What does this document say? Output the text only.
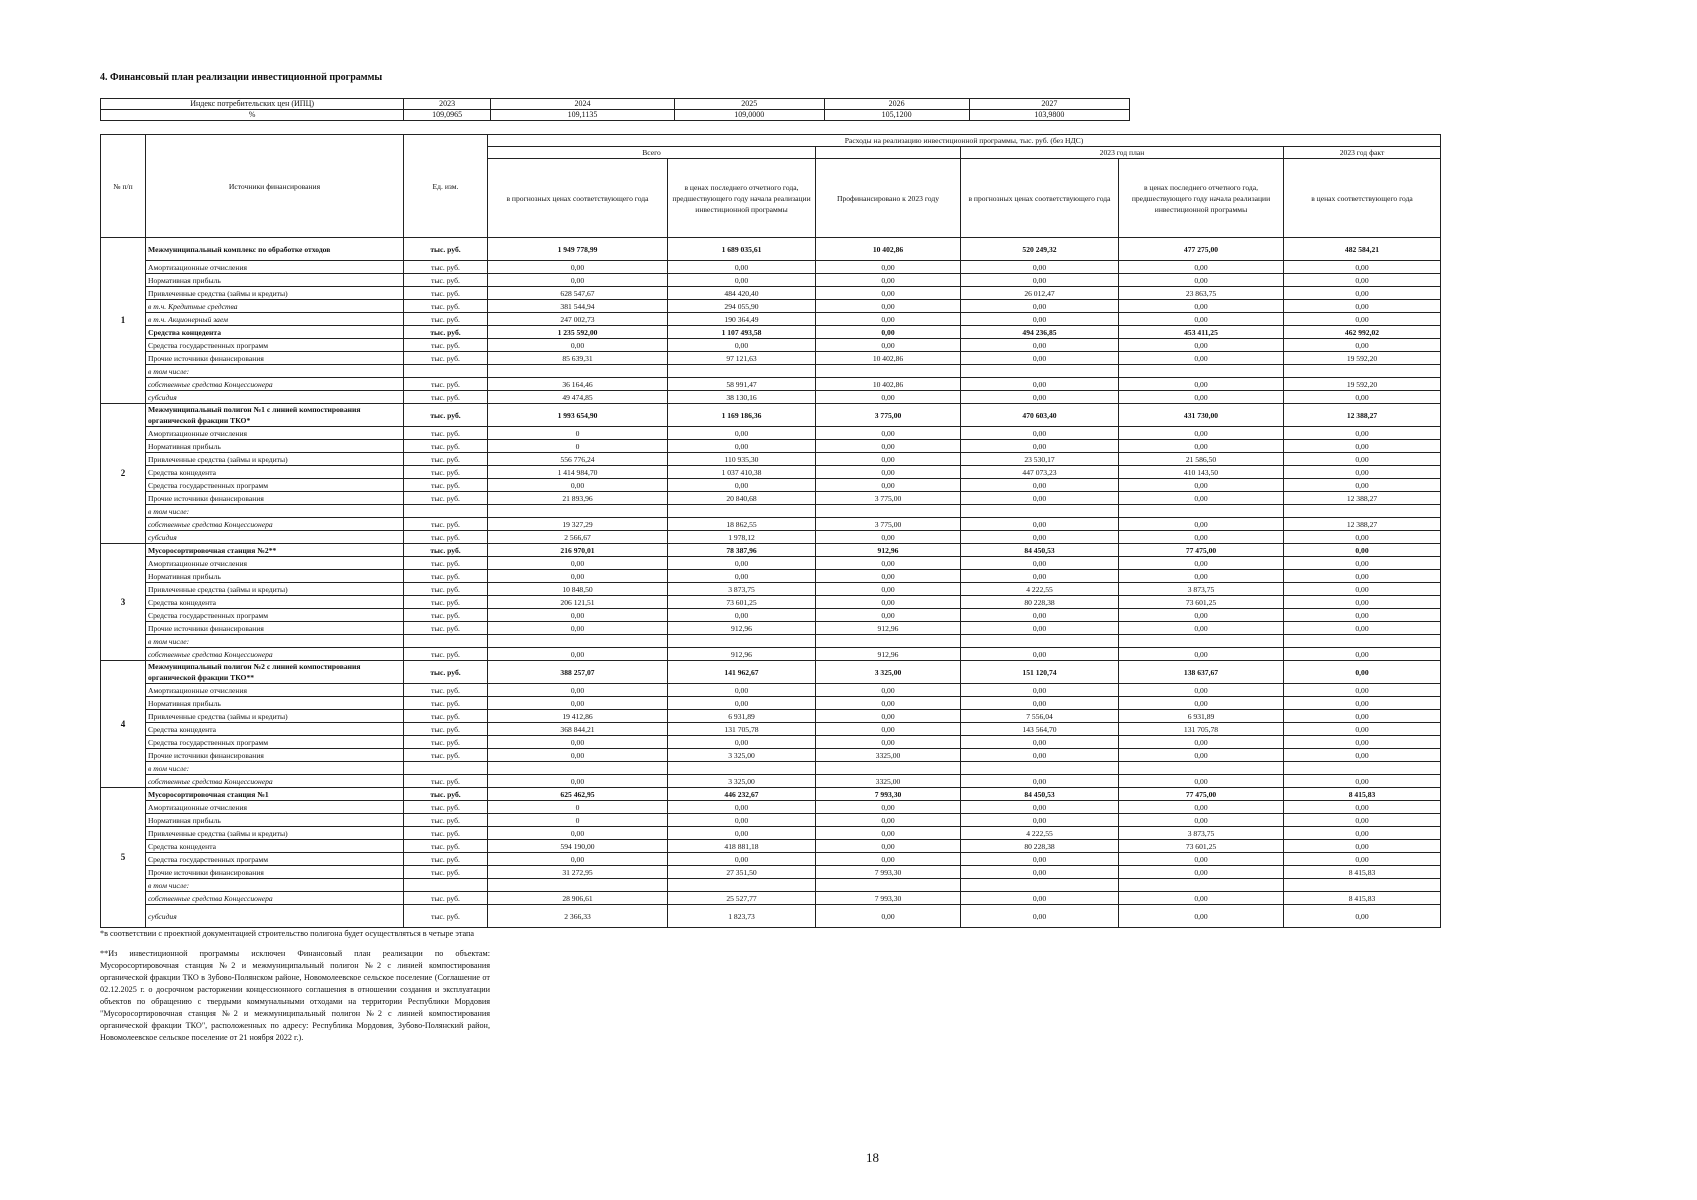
4. Финансовый план реализации инвестиционной программы
Индекс потребительских цен (ИПЦ)	2023	2024	2025	2026	2027
%	109,0965	109,1135	109,0000	105,1200	103,9800
№ п/п	Источники финансирования	Ед. изм.	Расходы на реализацию инвестиционной программы, тыс. руб. (без НДС)					
			Всего			2023 год план		2023 год факт
			в прогнозных ценах соответствующего года	в ценах последнего отчетного года, предшествующего году начала реализации инвестиционной программы	Профинансировано к 2023 году	в прогнозных ценах соответствующего года	в ценах последнего отчетного года, предшествующего году начала реализации инвестиционной программы	в ценах соответствующего года
1	Межмуниципальный комплекс по обработке отходов	тыс. руб.	1 949 778,99	1 689 035,61	10 402,86	520 249,32	477 275,00	482 584,21
	Амортизационные отчисления	тыс. руб.	0,00	0,00	0,00	0,00	0,00	0,00
	Нормативная прибыль	тыс. руб.	0,00	0,00	0,00	0,00	0,00	0,00
	Привлеченные средства (займы и кредиты)	тыс. руб.	628 547,67	484 420,40	0,00	26 012,47	23 863,75	0,00
	в т.ч. Кредитные средства	тыс. руб.	381 544,94	294 055,90	0,00	0,00	0,00	0,00
	в т.ч. Акционерный заем	тыс. руб.	247 002,73	190 364,49	0,00	0,00	0,00	0,00
	Средства концедента	тыс. руб.	1 235 592,00	1 107 493,58	0,00	494 236,85	453 411,25	462 992,02
	Средства государственных программ	тыс. руб.	0,00	0,00	0,00	0,00	0,00	0,00
	Прочие источники финансирования	тыс. руб.	85 639,31	97 121,63	10 402,86	0,00	0,00	19 592,20
	в том числе:							
	собственные средства Концессионера	тыс. руб.	36 164,46	58 991,47	10 402,86	0,00	0,00	19 592,20
	субсидия	тыс. руб.	49 474,85	38 130,16	0,00	0,00	0,00	0,00
2	Межмуниципальный полигон №1 с линией компостирования органической фракции ТКО*	тыс. руб.	1 993 654,90	1 169 186,36	3 775,00	470 603,40	431 730,00	12 388,27
	Амортизационные отчисления	тыс. руб.	0	0,00	0,00	0,00	0,00	0,00
	Нормативная прибыль	тыс. руб.	0	0,00	0,00	0,00	0,00	0,00
	Привлеченные средства (займы и кредиты)	тыс. руб.	556 776,24	110 935,30	0,00	23 530,17	21 586,50	0,00
	Средства концедента	тыс. руб.	1 414 984,70	1 037 410,38	0,00	447 073,23	410 143,50	0,00
	Средства государственных программ	тыс. руб.	0,00	0,00	0,00	0,00	0,00	0,00
	Прочие источники финансирования	тыс. руб.	21 893,96	20 840,68	3 775,00	0,00	0,00	12 388,27
	в том числе:							
	собственные средства Концессионера	тыс. руб.	19 327,29	18 862,55	3 775,00	0,00	0,00	12 388,27
	субсидия	тыс. руб.	2 566,67	1 978,12	0,00	0,00	0,00	0,00
3	Мусоросортировочная станция №2**	тыс. руб.	216 970,01	78 387,96	912,96	84 450,53	77 475,00	0,00
	Амортизационные отчисления	тыс. руб.	0,00	0,00	0,00	0,00	0,00	0,00
	Нормативная прибыль	тыс. руб.	0,00	0,00	0,00	0,00	0,00	0,00
	Привлеченные средства (займы и кредиты)	тыс. руб.	10 848,50	3 873,75	0,00	4 222,55	3 873,75	0,00
	Средства концедента	тыс. руб.	206 121,51	73 601,25	0,00	80 228,38	73 601,25	0,00
	Средства государственных программ	тыс. руб.	0,00	0,00	0,00	0,00	0,00	0,00
	Прочие источники финансирования	тыс. руб.	0,00	912,96	912,96	0,00	0,00	0,00
	в том числе:							
	собственные средства Концессионера	тыс. руб.	0,00	912,96	912,96	0,00	0,00	0,00
4	Межмуниципальный полигон №2 с линией компостирования органической фракции ТКО**	тыс. руб.	388 257,07	141 962,67	3 325,00	151 120,74	138 637,67	0,00
	Амортизационные отчисления	тыс. руб.	0,00	0,00	0,00	0,00	0,00	0,00
	Нормативная прибыль	тыс. руб.	0,00	0,00	0,00	0,00	0,00	0,00
	Привлеченные средства (займы и кредиты)	тыс. руб.	19 412,86	6 931,89	0,00	7 556,04	6 931,89	0,00
	Средства концедента	тыс. руб.	368 844,21	131 705,78	0,00	143 564,70	131 705,78	0,00
	Средства государственных программ	тыс. руб.	0,00	0,00	0,00	0,00	0,00	0,00
	Прочие источники финансирования	тыс. руб.	0,00	3 325,00	3325,00	0,00	0,00	0,00
	в том числе:							
	собственные средства Концессионера	тыс. руб.	0,00	3 325,00	3325,00	0,00	0,00	0,00
5	Мусоросортировочная станция №1	тыс. руб.	625 462,95	446 232,67	7 993,30	84 450,53	77 475,00	8 415,83
	Амортизационные отчисления	тыс. руб.	0	0,00	0,00	0,00	0,00	0,00
	Нормативная прибыль	тыс. руб.	0	0,00	0,00	0,00	0,00	0,00
	Привлеченные средства (займы и кредиты)	тыс. руб.	0,00	0,00	0,00	4 222,55	3 873,75	0,00
	Средства концедента	тыс. руб.	594 190,00	418 881,18	0,00	80 228,38	73 601,25	0,00
	Средства государственных программ	тыс. руб.	0,00	0,00	0,00	0,00	0,00	0,00
	Прочие источники финансирования	тыс. руб.	31 272,95	27 351,50	7 993,30	0,00	0,00	8 415,83
	в том числе:							
	собственные средства Концессионера	тыс. руб.	28 906,61	25 527,77	7 993,30	0,00	0,00	8 415,83
	субсидия	тыс. руб.	2 366,33	1 823,73	0,00	0,00	0,00	0,00

*в соответствии с проектной документацией строительство полигона будет осуществляться в четыре этапа

**Из инвестиционной программы исключен Финансовый план реализации по объектам: Мусоросортировочная станция №2 и межмуниципальный полигон №2 с линией компостирования органической фракции ТКО в Зубово-Полянском районе, Новомолеевское сельское поселение (Соглашение от 02.12.2025 г. о досрочном расторжении концессионного соглашения в отношении создания и эксплуатации объектов по обращению с твердыми коммунальными отходами на территории Республики Мордовия "Мусоросортировочная станция №2 и межмуниципальный полигон №2 с линией компостирования органической фракции ТКО", расположенных по адресу: Республика Мордовия, Зубово-Полянский район, Новомолеевское сельское поселение от 21 ноября 2022 г.).

18
